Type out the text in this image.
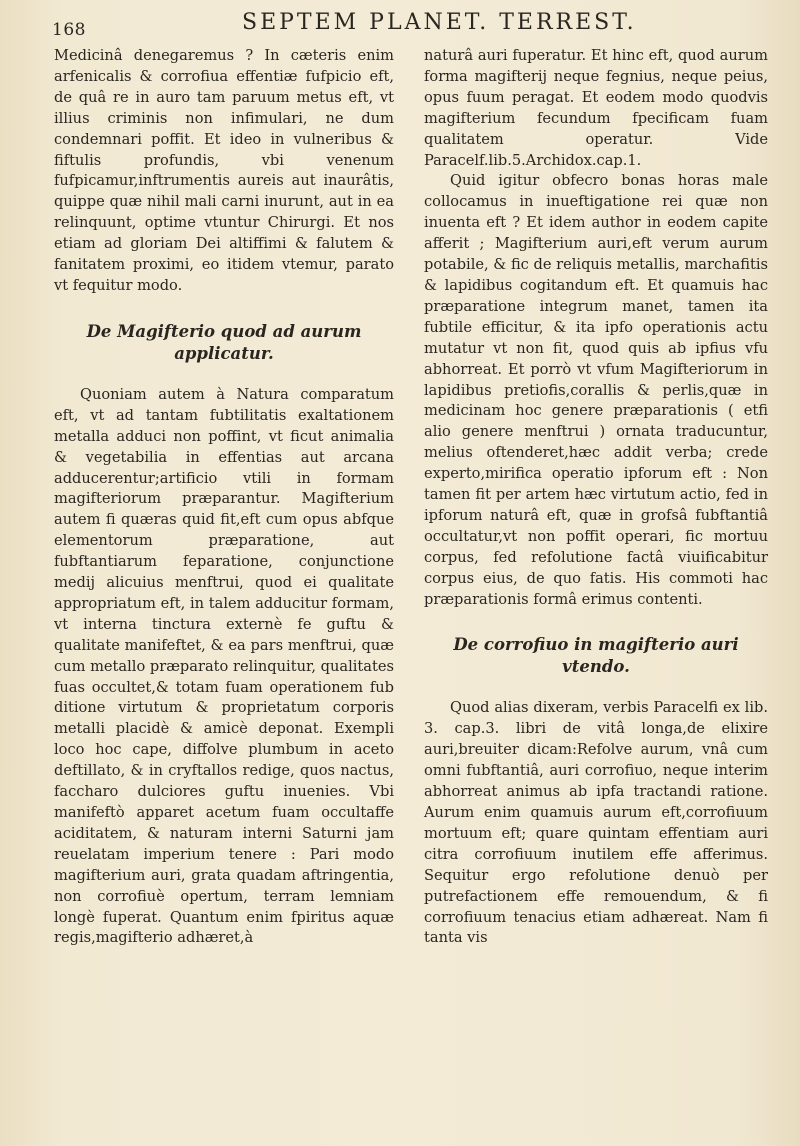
168	SEPTEM PLANET. TERREST.

Medicinâ denegaremus ? In cæteris enim arfenicalis & corrofiua effentiæ fufpicio eft, de quâ re in auro tam paruum metus eft, vt illius criminis non infimulari, ne dum condemnari poffit. Et ideo in vulneribus & fiftulis profundis, vbi venenum fufpicamur,inftrumentis aureis aut inaurâtis, quippe quæ nihil mali carni inurunt, aut in ea relinquunt, optime vtuntur Chirurgi. Et nos etiam ad gloriam Dei altiffimi & falutem & fanitatem proximi, eo itidem vtemur, parato vt fequitur modo.

De Magifterio quod ad aurum applicatur.

Quoniam autem à Natura comparatum eft, vt ad tantam fubtilitatis exaltationem metalla adduci non poffint, vt ficut animalia & vegetabilia in effentias aut arcana adducerentur;artificio vtili in formam magifteriorum præparantur. Magifterium autem fi quæras quid fit,eft cum opus abfque elementorum præparatione, aut fubftantiarum feparatione, conjunctione medij alicuius menftrui, quod ei qualitate appropriatum eft, in talem adducitur formam, vt interna tinctura externè fe guftu & qualitate manifeftet, & ea pars menftrui, quæ cum metallo præparato relinquitur, qualitates fuas occultet,& totam fuam operationem fub ditione virtutum & proprietatum corporis metalli placidè & amicè deponat. Exempli loco hoc cape, diffolve plumbum in aceto deftillato, & in cryftallos redige, quos nactus, faccharo dulciores guftu inuenies. Vbi manifeftò apparet acetum fuam occultaffe aciditatem, & naturam interni Saturni jam reuelatam imperium tenere : Pari modo magifterium auri, grata quadam aftringentia, non corrofiuè opertum, terram lemniam longè fuperat. Quantum enim fpiritus aquæ regis,magifterio adhæret,à

naturâ auri fuperatur. Et hinc eft, quod aurum forma magifterij neque fegnius, neque peius, opus fuum peragat. Et eodem modo quodvis magifterium fecundum fpecificam fuam qualitatem operatur. Vide Paracelf.lib.5.Archidox.cap.1.

Quid igitur obfecro bonas horas male collocamus in inueftigatione rei quæ non inuenta eft ? Et idem author in eodem capite afferit ; Magifterium auri,eft verum aurum potabile, & fic de reliquis metallis, marchafitis & lapidibus cogitandum eft. Et quamuis hac præparatione integrum manet, tamen ita fubtile efficitur, & ita ipfo operationis actu mutatur vt non fit, quod quis ab ipfius vfu abhorreat. Et porrò vt vfum Magifteriorum in lapidibus pretiofis,corallis & perlis,quæ in medicinam hoc genere præparationis ( etfi alio genere menftrui ) ornata traducuntur, melius oftenderet,hæc addit verba; crede experto,mirifica operatio ipforum eft : Non tamen fit per artem hæc virtutum actio, fed in ipforum naturâ eft, quæ in grofsâ fubftantiâ occultatur,vt non poffit operari, fic mortuu corpus, fed refolutione factâ viuificabitur corpus eius, de quo fatis. His commoti hac præparationis formâ erimus contenti.

De corrofiuo in magifterio auri vtendo.

Quod alias dixeram, verbis Paracelfi ex lib. 3. cap.3. libri de vitâ longa,de elixire auri,breuiter dicam:Refolve aurum, vnâ cum omni fubftantiâ, auri corrofiuo, neque interim abhorreat animus ab ipfa tractandi ratione. Aurum enim quamuis aurum eft,corrofiuum mortuum eft; quare quintam effentiam auri citra corrofiuum inutilem effe afferimus. Sequitur ergo refolutione denuò per putrefactionem effe remouendum, & fi corrofiuum tenacius etiam adhæreat. Nam fi tanta vis
